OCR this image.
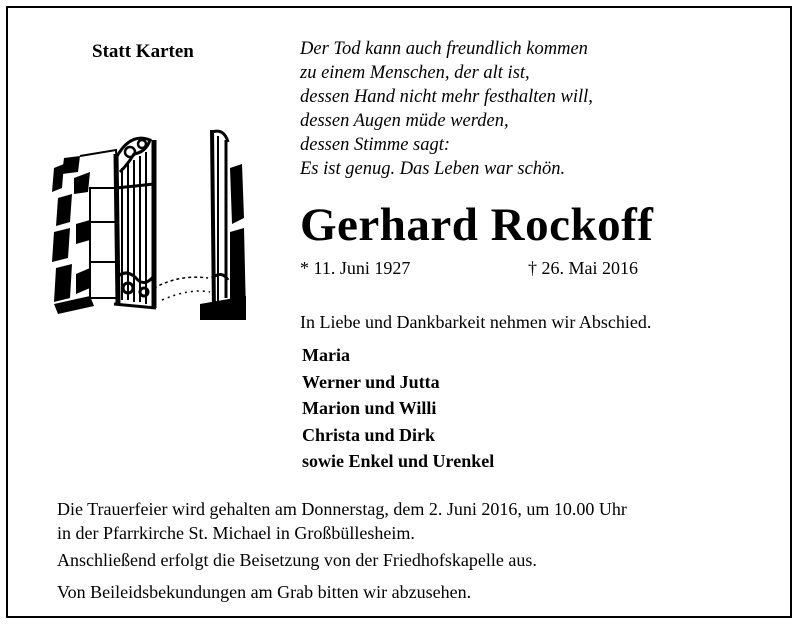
Statt Karten	Der Tod kann auch freundlich kommen
zu einem Menschen, der alt ist,
dessen Hand nicht mehr festhalten will,
dessen Augen müde werden,
dessen Stimme sagt:
Es ist genug. Das Leben war schön.
Gerhard Rockoff
* 11. Juni 1927	† 26. Mai 2016
In Liebe und Dankbarkeit nehmen wir Abschied.
Maria
Werner und Jutta
Marion und Willi
Christa und Dirk
sowie Enkel und Urenkel
Die Trauerfeier wird gehalten am Donnerstag, dem 2. Juni 2016, um 10.00 Uhr
in der Pfarrkirche St. Michael in Großbüllesheim.
Anschließend erfolgt die Beisetzung von der Friedhofskapelle aus.
Von Beileidsbekundungen am Grab bitten wir abzusehen.
